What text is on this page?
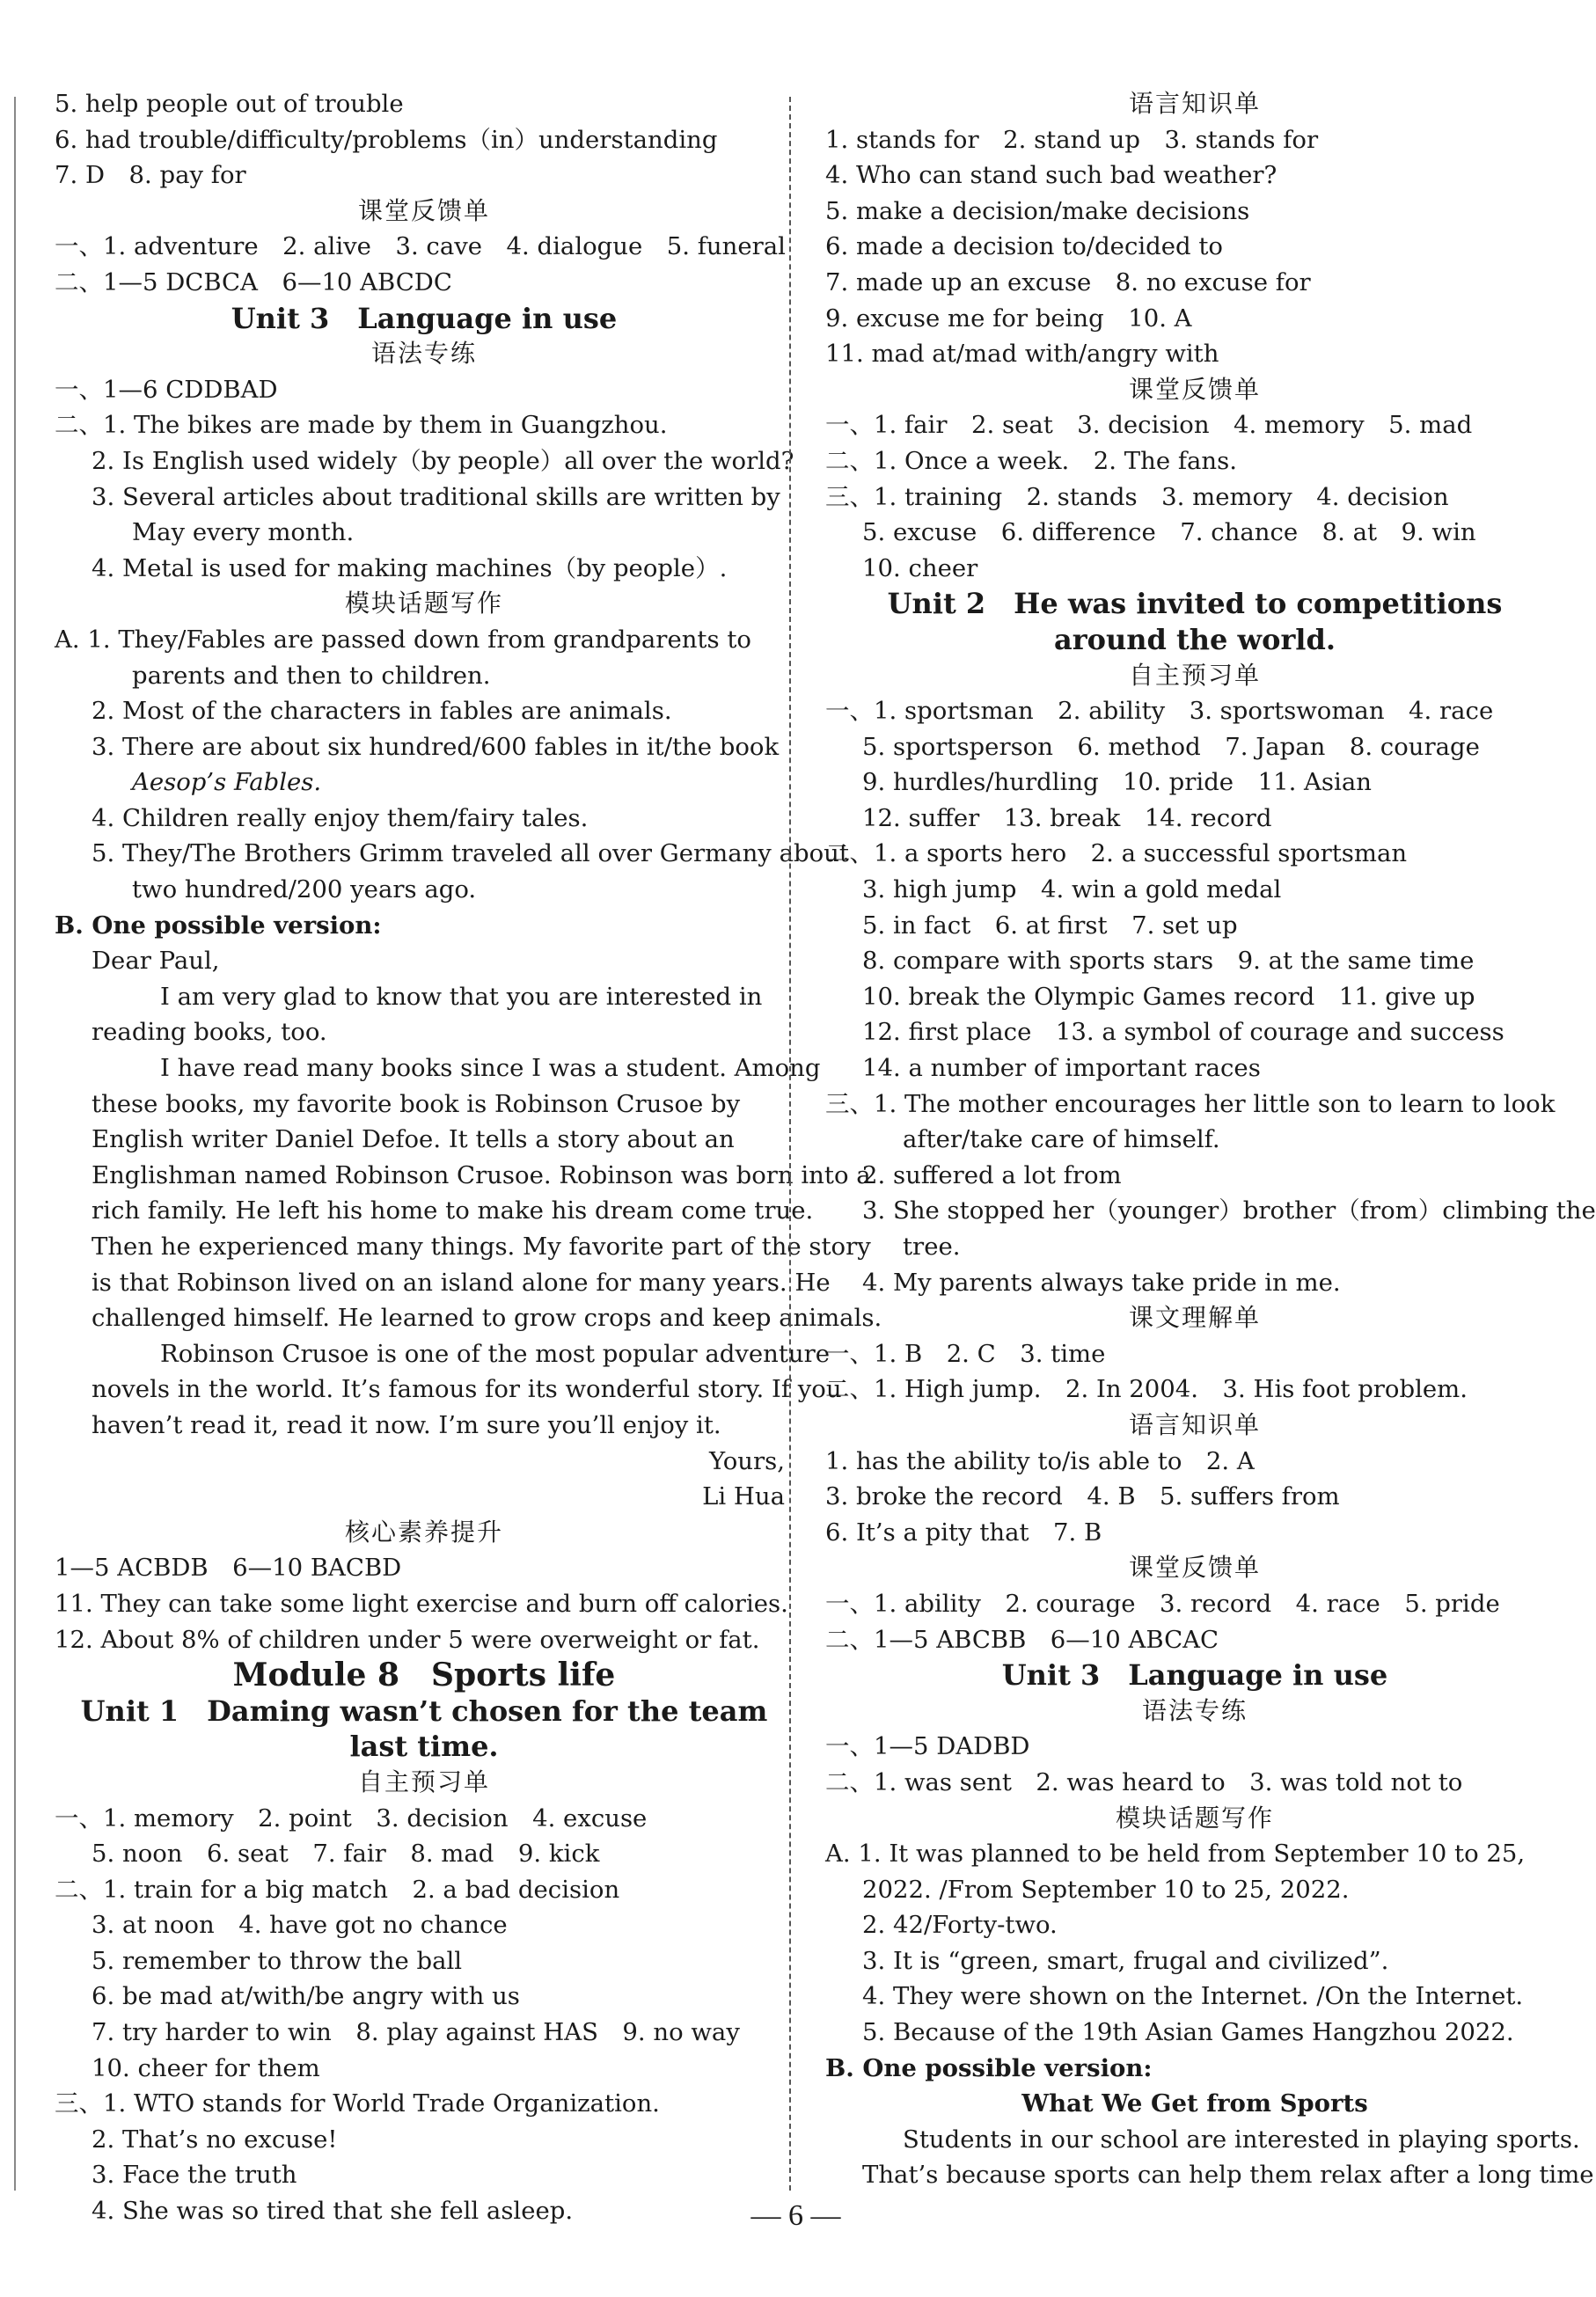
5. help people out of trouble
6. had trouble/difficulty/problems（in）understanding
7. D　8. pay for
课堂反馈单
一、1. adventure　2. alive　3. cave　4. dialogue　5. funeral
二、1—5 DCBCA　6—10 ABCDC
Unit 3　Language in use
语法专练
一、1—6 CDDBAD
二、1. The bikes are made by them in Guangzhou.
2. Is English used widely（by people）all over the world?
3. Several articles about traditional skills are written by
May every month.
4. Metal is used for making machines（by people）.
模块话题写作
A. 1. They/Fables are passed down from grandparents to
parents and then to children.
2. Most of the characters in fables are animals.
3. There are about six hundred/600 fables in it/the book
Aesop’s Fables.
4. Children really enjoy them/fairy tales.
5. They/The Brothers Grimm traveled all over Germany about
two hundred/200 years ago.
B. One possible version:
Dear Paul,
I am very glad to know that you are interested in
reading books, too.
I have read many books since I was a student. Among
these books, my favorite book is Robinson Crusoe by
English writer Daniel Defoe. It tells a story about an
Englishman named Robinson Crusoe. Robinson was born into a
rich family. He left his home to make his dream come true.
Then he experienced many things. My favorite part of the story
is that Robinson lived on an island alone for many years. He
challenged himself. He learned to grow crops and keep animals.
Robinson Crusoe is one of the most popular adventure
novels in the world. It’s famous for its wonderful story. If you
haven’t read it, read it now. I’m sure you’ll enjoy it.
Yours,
Li Hua
核心素养提升
1—5 ACBDB　6—10 BACBD
11. They can take some light exercise and burn off calories.
12. About 8% of children under 5 were overweight or fat.
Module 8　Sports life
Unit 1　Daming wasn’t chosen for the team last time.
自主预习单
一、1. memory　2. point　3. decision　4. excuse
5. noon　6. seat　7. fair　8. mad　9. kick
二、1. train for a big match　2. a bad decision
3. at noon　4. have got no chance
5. remember to throw the ball
6. be mad at/with/be angry with us
7. try harder to win　8. play against HAS　9. no way
10. cheer for them
三、1. WTO stands for World Trade Organization.
2. That’s no excuse!
3. Face the truth
4. She was so tired that she fell asleep.
语言知识单
1. stands for　2. stand up　3. stands for
4. Who can stand such bad weather?
5. make a decision/make decisions
6. made a decision to/decided to
7. made up an excuse　8. no excuse for
9. excuse me for being　10. A
11. mad at/mad with/angry with
课堂反馈单
一、1. fair　2. seat　3. decision　4. memory　5. mad
二、1. Once a week.　2. The fans.
三、1. training　2. stands　3. memory　4. decision
5. excuse　6. difference　7. chance　8. at　9. win
10. cheer
Unit 2　He was invited to competitions
around the world.
自主预习单
一、1. sportsman　2. ability　3. sportswoman　4. race
5. sportsperson　6. method　7. Japan　8. courage
9. hurdles/hurdling　10. pride　11. Asian
12. suffer　13. break　14. record
二、1. a sports hero　2. a successful sportsman
3. high jump　4. win a gold medal
5. in fact　6. at first　7. set up
8. compare with sports stars　9. at the same time
10. break the Olympic Games record　11. give up
12. first place　13. a symbol of courage and success
14. a number of important races
三、1. The mother encourages her little son to learn to look
after/take care of himself.
2. suffered a lot from
3. She stopped her（younger）brother（from）climbing the
tree.
4. My parents always take pride in me.
课文理解单
一、1. B　2. C　3. time
二、1. High jump.　2. In 2004.　3. His foot problem.
语言知识单
1. has the ability to/is able to　2. A
3. broke the record　4. B　5. suffers from
6. It’s a pity that　7. B
课堂反馈单
一、1. ability　2. courage　3. record　4. race　5. pride
二、1—5 ABCBB　6—10 ABCAC
Unit 3　Language in use
语法专练
一、1—5 DADBD
二、1. was sent　2. was heard to　3. was told not to
模块话题写作
A. 1. It was planned to be held from September 10 to 25,
2022. /From September 10 to 25, 2022.
2. 42/Forty-two.
3. It is “green, smart, frugal and civilized”.
4. They were shown on the Internet. /On the Internet.
5. Because of the 19th Asian Games Hangzhou 2022.
B. One possible version:
What We Get from Sports
Students in our school are interested in playing sports.
That’s because sports can help them relax after a long time
— 6 —
